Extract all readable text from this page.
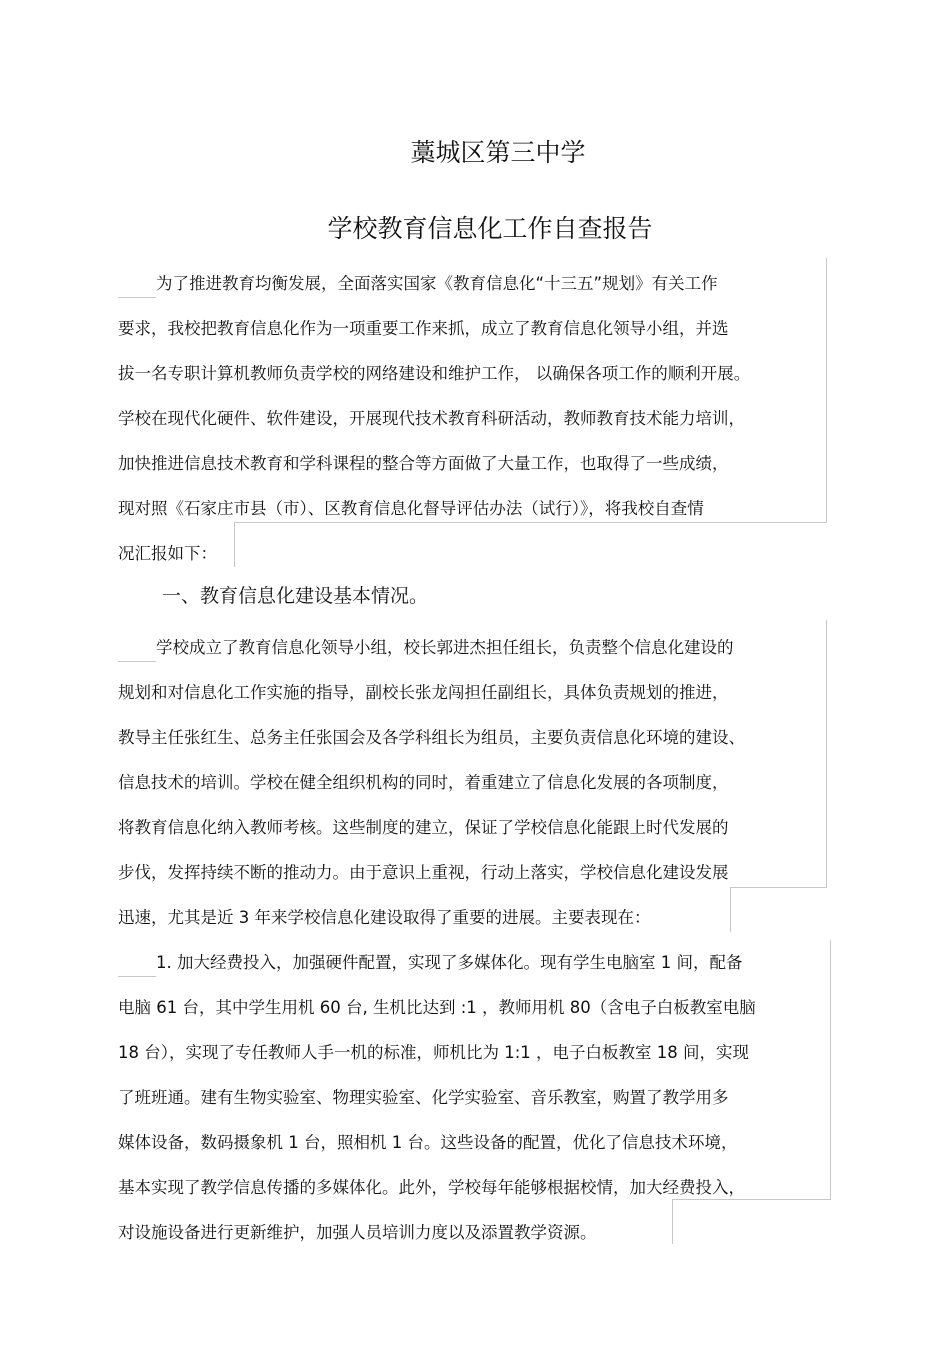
藁城区第三中学
学校教育信息化工作自查报告

为了推进教育均衡发展，全面落实国家《教育信息化“十三五”规划》有关工作

要求，我校把教育信息化作为一项重要工作来抓，成立了教育信息化领导小组，并选

拔一名专职计算机教师负责学校的网络建设和维护工作， 以确保各项工作的顺利开展。

学校在现代化硬件、软件建设，开展现代技术教育科研活动，教师教育技术能力培训，

加快推进信息技术教育和学科课程的整合等方面做了大量工作，也取得了一些成绩，

现对照《石家庄市县（市）、区教育信息化督导评估办法（试行）》，将我校自查情

况汇报如下：

一、教育信息化建设基本情况。

学校成立了教育信息化领导小组，校长郭进杰担任组长，负责整个信息化建设的

规划和对信息化工作实施的指导，副校长张龙闯担任副组长，具体负责规划的推进，

教导主任张红生、总务主任张国会及各学科组长为组员，主要负责信息化环境的建设、

信息技术的培训。学校在健全组织机构的同时，着重建立了信息化发展的各项制度，

将教育信息化纳入教师考核。这些制度的建立，保证了学校信息化能跟上时代发展的

步伐，发挥持续不断的推动力。由于意识上重视，行动上落实，学校信息化建设发展

迅速，尤其是近 3 年来学校信息化建设取得了重要的进展。主要表现在：

1. 加大经费投入，加强硬件配置，实现了多媒体化。现有学生电脑室 1 间，配备

电脑 61 台，其中学生用机 60 台, 生机比达到 :1 ，教师用机 80（含电子白板教室电脑

18 台），实现了专任教师人手一机的标准，师机比为 1:1 ，电子白板教室 18 间，实现

了班班通。建有生物实验室、物理实验室、化学实验室、音乐教室，购置了教学用多

媒体设备，数码摄象机 1 台，照相机 1 台。这些设备的配置，优化了信息技术环境，

基本实现了教学信息传播的多媒体化。此外，学校每年能够根据校情，加大经费投入，

对设施设备进行更新维护，加强人员培训力度以及添置教学资源。
